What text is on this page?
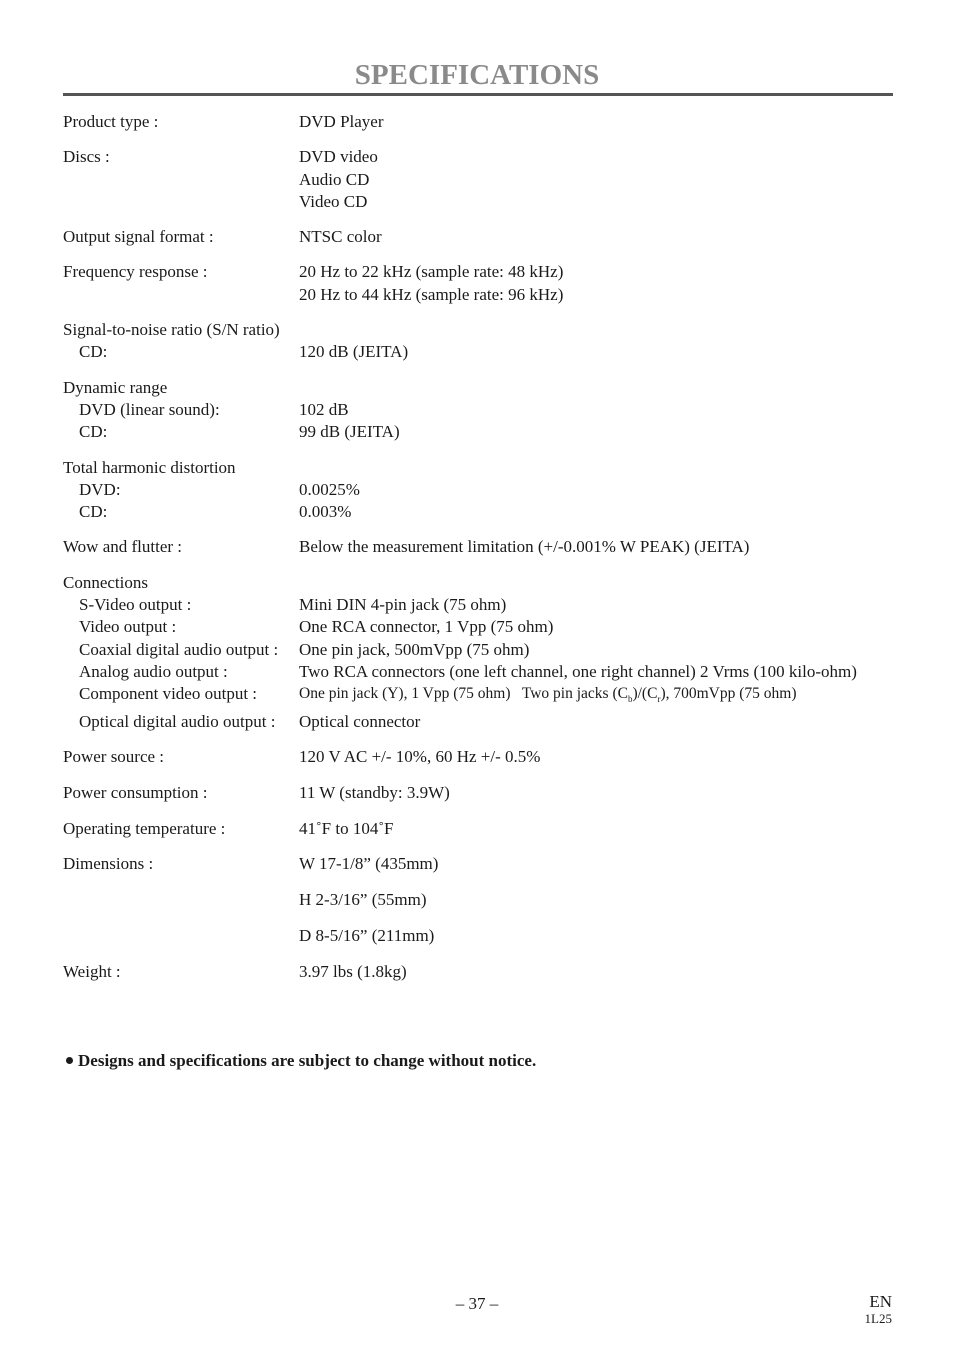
SPECIFICATIONS
Product type :	DVD Player
Discs :	DVD video
Audio CD
Video CD
Output signal format :	NTSC color
Frequency response :	20 Hz to 22 kHz (sample rate: 48 kHz)
20 Hz to 44 kHz (sample rate: 96 kHz)
Signal-to-noise ratio (S/N ratio)
CD:	120 dB (JEITA)
Dynamic range
DVD (linear sound):	102 dB
CD:	99 dB (JEITA)
Total harmonic distortion
DVD:	0.0025%
CD:	0.003%
Wow and flutter :	Below the measurement limitation (+/-0.001% W PEAK) (JEITA)
Connections
S-Video output :	Mini DIN 4-pin jack (75 ohm)
Video output :	One RCA connector, 1 Vpp (75 ohm)
Coaxial digital audio output :	One pin jack, 500mVpp (75 ohm)
Analog audio output :	Two RCA connectors (one left channel, one right channel) 2 Vrms (100 kilo-ohm)
Component video output :	One pin jack (Y), 1 Vpp (75 ohm)   Two pin jacks $(C_b)/(C_r)$, 700mVpp (75 ohm)
Optical digital audio output :	Optical connector
Power source :	120 V AC +/- 10%, 60 Hz +/- 0.5%
Power consumption :	11 W (standby: 3.9W)
Operating temperature :	41˚F to 104˚F
Dimensions :	W 17-1/8” (435mm)
H 2-3/16” (55mm)
D 8-5/16” (211mm)
Weight :	3.97 lbs (1.8kg)
Designs and specifications are subject to change without notice.
– 37 –	EN
1L25
